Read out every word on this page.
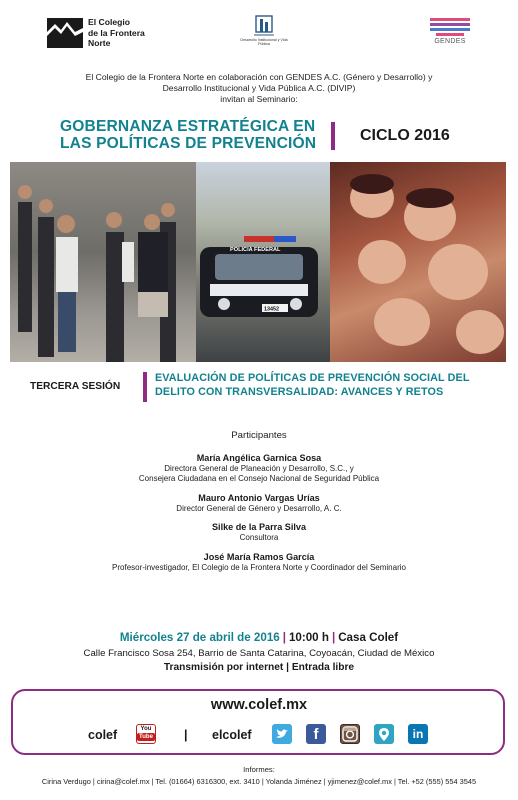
El Colegio
de la Frontera
Norte	Desarrollo Institucional y Vida Pública	GENDES
El Colegio de la Frontera Norte en colaboración con GENDES A.C. (Género y Desarrollo) y
Desarrollo Institucional y Vida Pública A.C. (DIVIP)
invitan al Seminario:
GOBERNANZA ESTRATÉGICA EN
LAS POLÍTICAS DE PREVENCIÓN	CICLO 2016
POLICIA FEDERAL
13452
TERCERA SESIÓN
EVALUACIÓN DE POLÍTICAS DE PREVENCIÓN SOCIAL DEL
DELITO CON TRANSVERSALIDAD: AVANCES Y RETOS
Participantes
María Angélica Garnica Sosa
Directora General de Planeación y Desarrollo, S.C., y
Consejera Ciudadana en el Consejo Nacional de Seguridad Pública
Mauro Antonio Vargas Urías
Director General de Género y Desarrollo, A. C.
Silke de la Parra Silva
Consultora
José María Ramos García
Profesor-investigador, El Colegio de la Frontera Norte y Coordinador del Seminario
Miércoles 27 de abril de 2016 | 10:00 h | Casa Colef
Calle Francisco Sosa 254, Barrio de Santa Catarina, Coyoacán, Ciudad de México
Transmisión por internet | Entrada libre
www.colef.mx
colef	You
Tube | elcolef	f	in
Informes:
Cirina Verdugo | cirina@colef.mx | Tel. (01664) 6316300, ext. 3410 | Yolanda Jiménez | yjimenez@colef.mx | Tel. +52 (555) 554 3545
